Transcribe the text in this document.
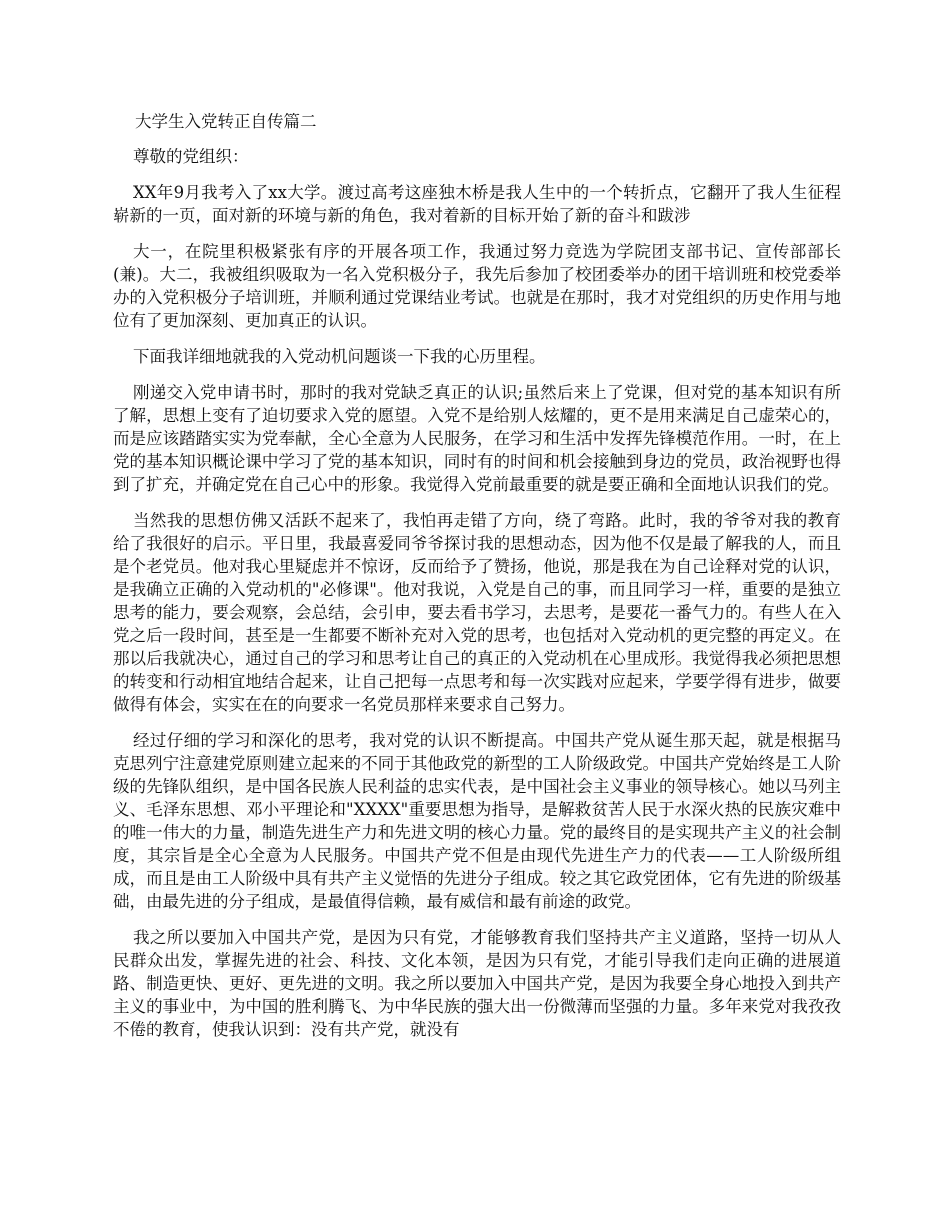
大学生入党转正自传篇二

尊敬的党组织：

XX年9月我考入了xx大学。渡过高考这座独木桥是我人生中的一个转折点，它翻开了我人生征程崭新的一页，面对新的环境与新的角色，我对着新的目标开始了新的奋斗和跋涉

大一，在院里积极紧张有序的开展各项工作，我通过努力竞选为学院团支部书记、宣传部部长(兼)。大二，我被组织吸取为一名入党积极分子，我先后参加了校团委举办的团干培训班和校党委举办的入党积极分子培训班，并顺利通过党课结业考试。也就是在那时，我才对党组织的历史作用与地位有了更加深刻、更加真正的认识。

下面我详细地就我的入党动机问题谈一下我的心历里程。

刚递交入党申请书时，那时的我对党缺乏真正的认识;虽然后来上了党课，但对党的基本知识有所了解，思想上变有了迫切要求入党的愿望。入党不是给别人炫耀的，更不是用来满足自己虚荣心的，而是应该踏踏实实为党奉献，全心全意为人民服务，在学习和生活中发挥先锋模范作用。一时，在上党的基本知识概论课中学习了党的基本知识，同时有的时间和机会接触到身边的党员，政治视野也得到了扩充，并确定党在自己心中的形象。我觉得入党前最重要的就是要正确和全面地认识我们的党。

当然我的思想仿佛又活跃不起来了，我怕再走错了方向，绕了弯路。此时，我的爷爷对我的教育给了我很好的启示。平日里，我最喜爱同爷爷探讨我的思想动态，因为他不仅是最了解我的人，而且是个老党员。他对我心里疑虑并不惊讶，反而给予了赞扬，他说，那是我在为自己诠释对党的认识，是我确立正确的入党动机的"必修课"。他对我说，入党是自己的事，而且同学习一样，重要的是独立思考的能力，要会观察，会总结，会引申，要去看书学习，去思考，是要花一番气力的。有些人在入党之后一段时间，甚至是一生都要不断补充对入党的思考，也包括对入党动机的更完整的再定义。在那以后我就决心，通过自己的学习和思考让自己的真正的入党动机在心里成形。我觉得我必须把思想的转变和行动相宜地结合起来，让自己把每一点思考和每一次实践对应起来，学要学得有进步，做要做得有体会，实实在在的向要求一名党员那样来要求自己努力。

经过仔细的学习和深化的思考，我对党的认识不断提高。中国共产党从诞生那天起，就是根据马克思列宁注意建党原则建立起来的不同于其他政党的新型的工人阶级政党。中国共产党始终是工人阶级的先锋队组织，是中国各民族人民利益的忠实代表，是中国社会主义事业的领导核心。她以马列主义、毛泽东思想、邓小平理论和"XXXX"重要思想为指导，是解救贫苦人民于水深火热的民族灾难中的唯一伟大的力量，制造先进生产力和先进文明的核心力量。党的最终目的是实现共产主义的社会制度，其宗旨是全心全意为人民服务。中国共产党不但是由现代先进生产力的代表——工人阶级所组成，而且是由工人阶级中具有共产主义觉悟的先进分子组成。较之其它政党团体，它有先进的阶级基础，由最先进的分子组成，是最值得信赖，最有威信和最有前途的政党。

我之所以要加入中国共产党，是因为只有党，才能够教育我们坚持共产主义道路，坚持一切从人民群众出发，掌握先进的社会、科技、文化本领，是因为只有党，才能引导我们走向正确的进展道路、制造更快、更好、更先进的文明。我之所以要加入中国共产党，是因为我要全身心地投入到共产主义的事业中，为中国的胜利腾飞、为中华民族的强大出一份微薄而坚强的力量。多年来党对我孜孜不倦的教育，使我认识到：没有共产党，就没有
